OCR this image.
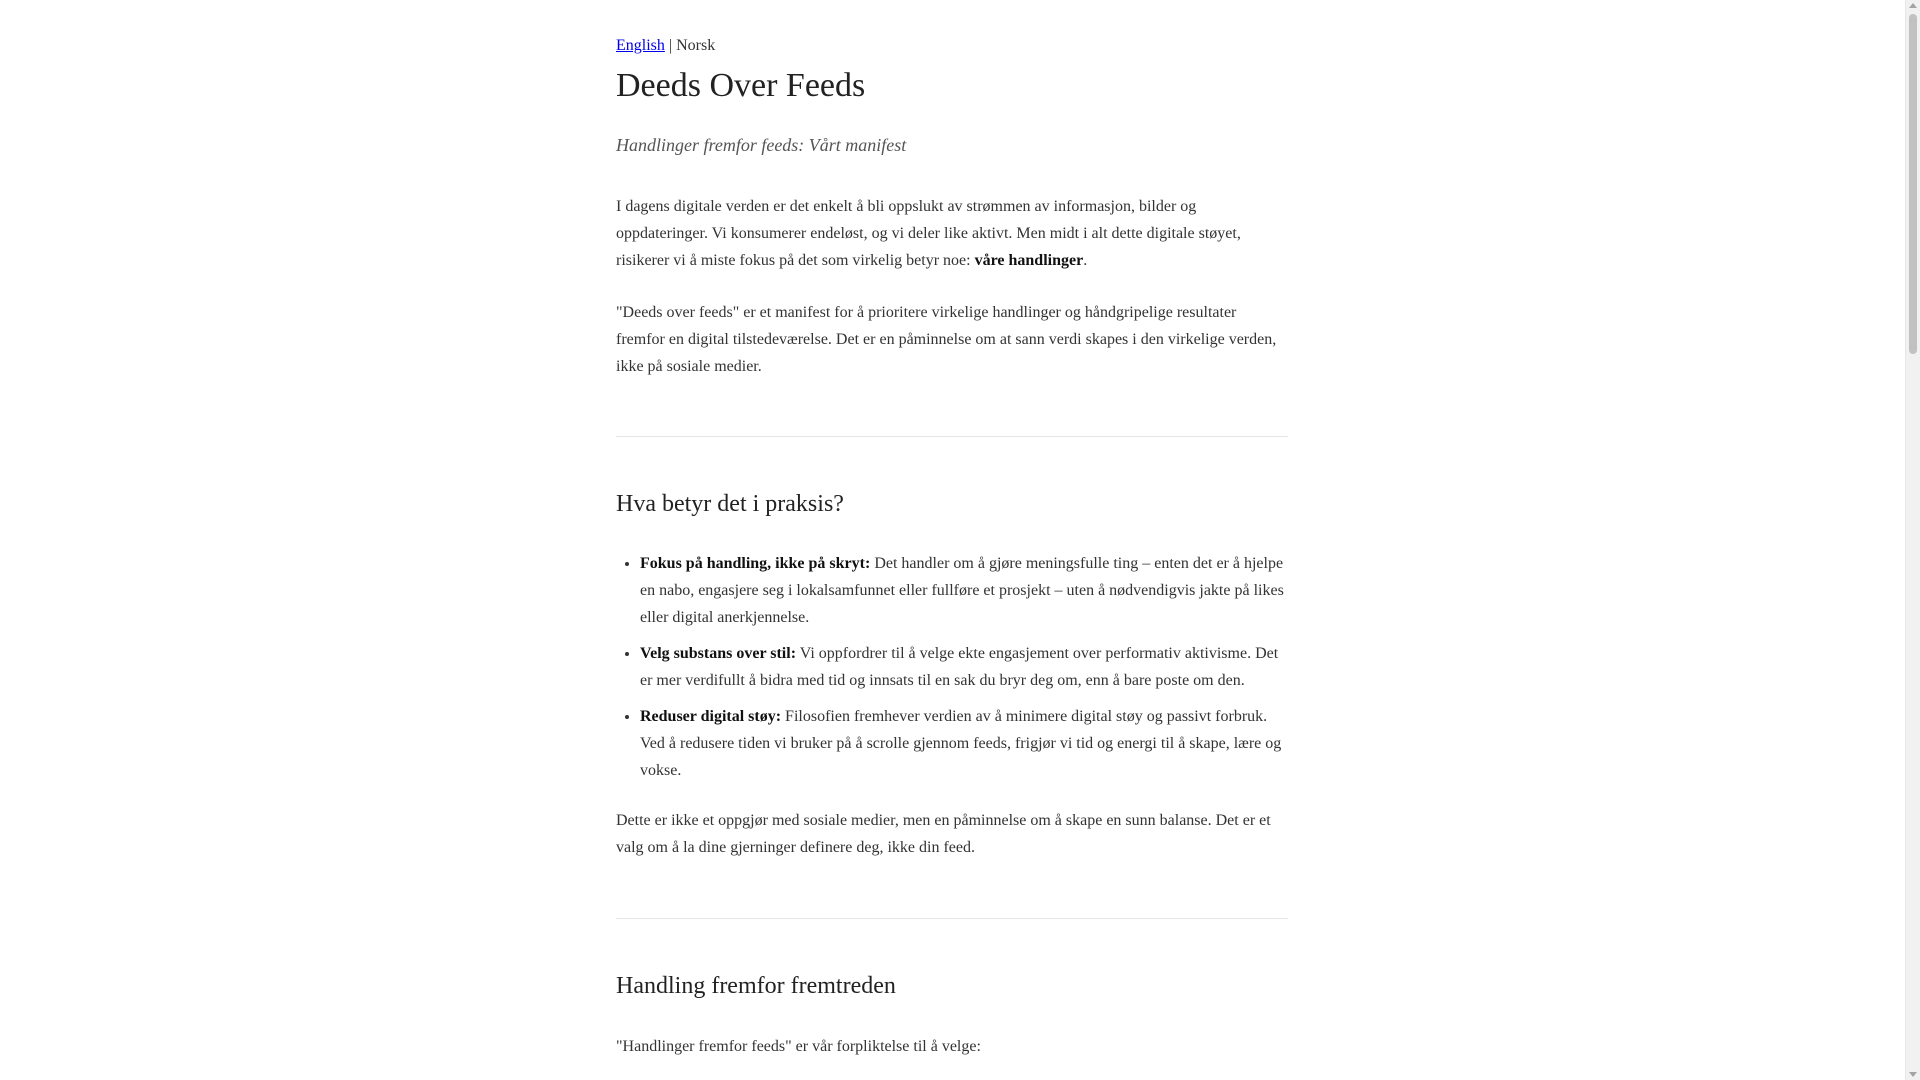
English | Norsk
Deeds Over Feeds

Handlinger fremfor feeds: Vårt manifest

I dagens digitale verden er det enkelt å bli oppslukt av strømmen av informasjon, bilder og oppdateringer. Vi konsumerer endeløst, og vi deler like aktivt. Men midt i alt dette digitale støyet, risikerer vi å miste fokus på det som virkelig betyr noe: våre handlinger.

"Deeds over feeds" er et manifest for å prioritere virkelige handlinger og håndgripelige resultater fremfor en digital tilstedeværelse. Det er en påminnelse om at sann verdi skapes i den virkelige verden, ikke på sosiale medier.

Hva betyr det i praksis?
• Fokus på handling, ikke på skryt: Det handler om å gjøre meningsfulle ting – enten det er å hjelpe en nabo, engasjere seg i lokalsamfunnet eller fullføre et prosjekt – uten å nødvendigvis jakte på likes eller digital anerkjennelse.
• Velg substans over stil: Vi oppfordrer til å velge ekte engasjement over performativ aktivisme. Det er mer verdifullt å bidra med tid og innsats til en sak du bryr deg om, enn å bare poste om den.
• Reduser digital støy: Filosofien fremhever verdien av å minimere digital støy og passivt forbruk. Ved å redusere tiden vi bruker på å scrolle gjennom feeds, frigjør vi tid og energi til å skape, lære og vokse.

Dette er ikke et oppgjør med sosiale medier, men en påminnelse om å skape en sunn balanse. Det er et valg om å la dine gjerninger definere deg, ikke din feed.

Handling fremfor fremtreden

"Handlinger fremfor feeds" er vår forpliktelse til å velge:
